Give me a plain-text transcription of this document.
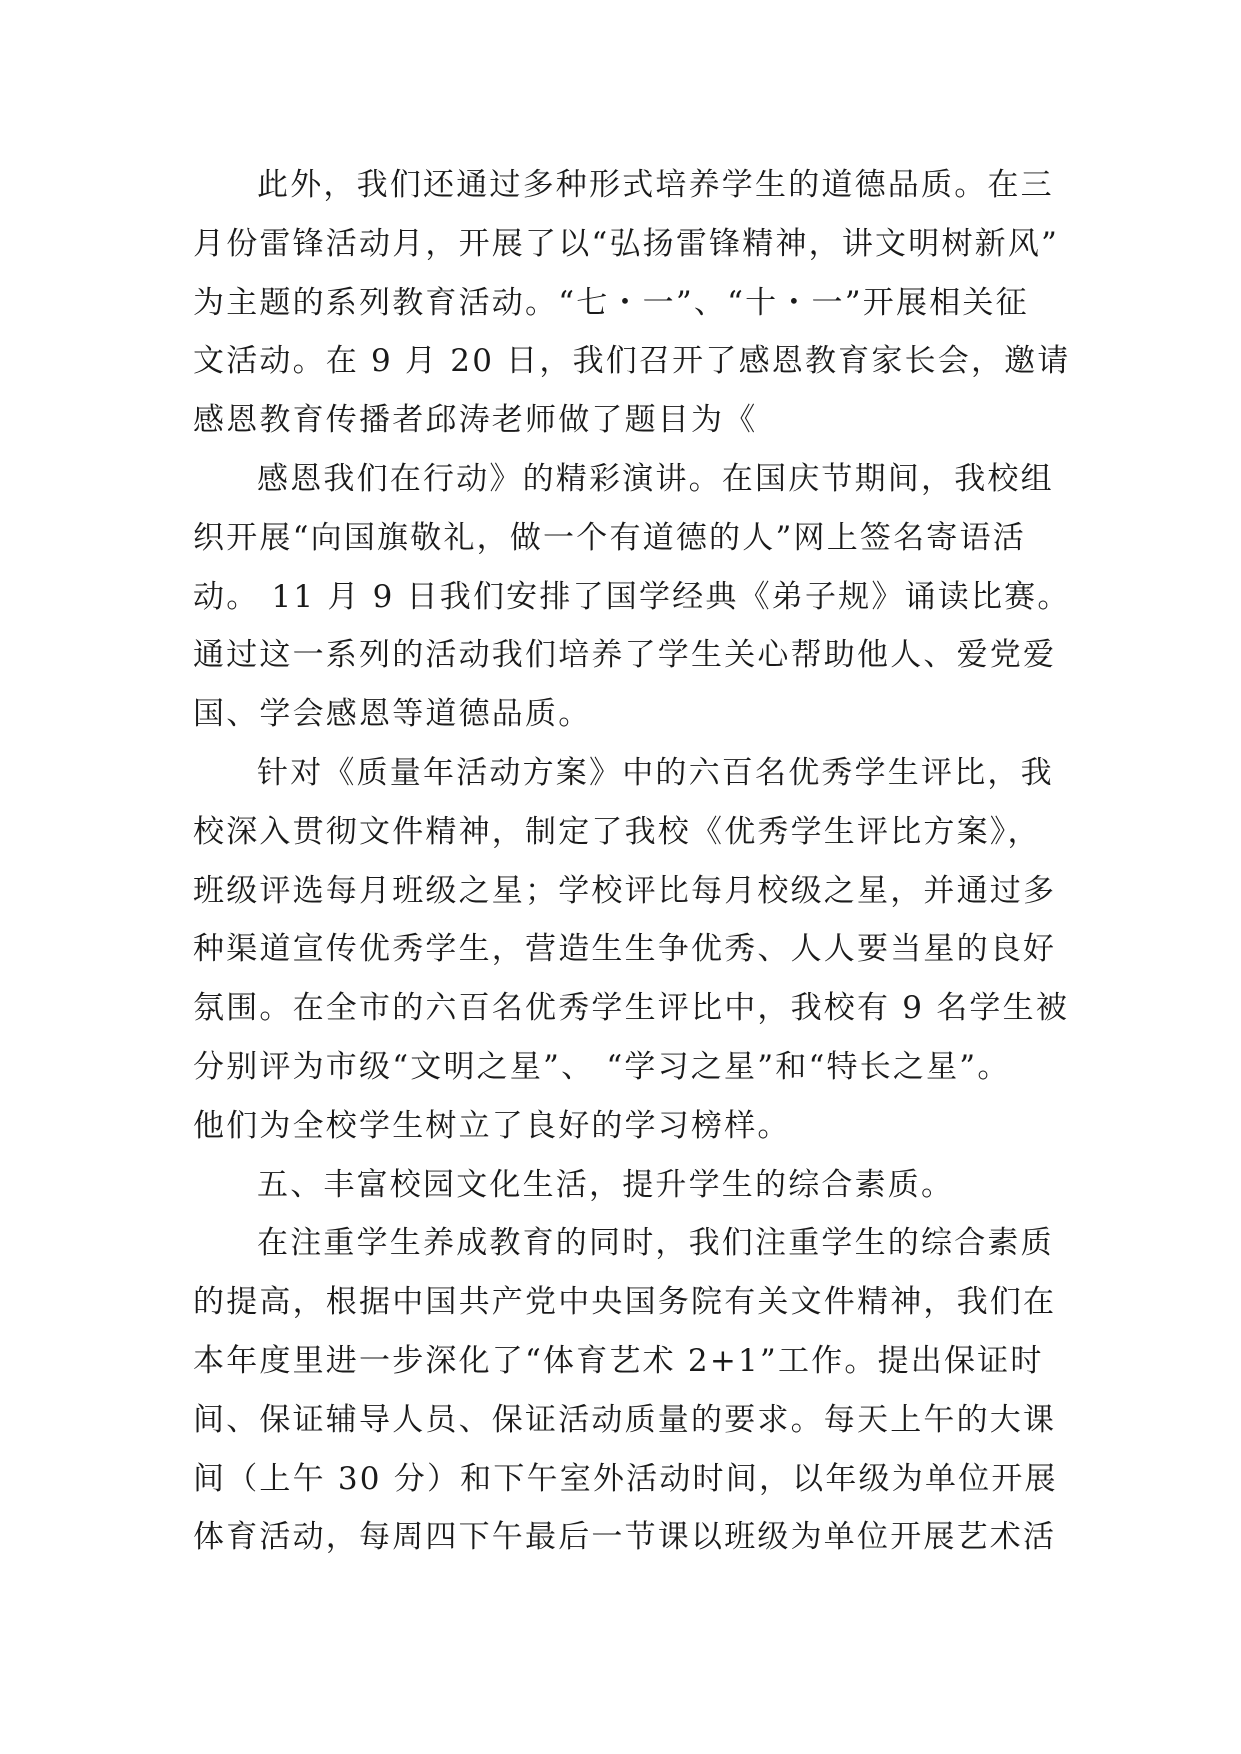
此外，我们还通过多种形式培养学生的道德品质。在三
月份雷锋活动月，开展了以“弘扬雷锋精神，讲文明树新风”
为主题的系列教育活动。“七・一”、“十・一”开展相关征
文活动。在 9 月 20 日，我们召开了感恩教育家长会，邀请
感恩教育传播者邱涛老师做了题目为《
感恩我们在行动》的精彩演讲。在国庆节期间，我校组
织开展“向国旗敬礼，做一个有道德的人”网上签名寄语活
动。 11 月 9 日我们安排了国学经典《弟子规》诵读比赛。
通过这一系列的活动我们培养了学生关心帮助他人、爱党爱
国、学会感恩等道德品质。
针对《质量年活动方案》中的六百名优秀学生评比，我
校深入贯彻文件精神，制定了我校《优秀学生评比方案》，
班级评选每月班级之星；学校评比每月校级之星，并通过多
种渠道宣传优秀学生，营造生生争优秀、人人要当星的良好
氛围。在全市的六百名优秀学生评比中，我校有 9 名学生被
分别评为市级“文明之星”、 “学习之星”和“特长之星”。
他们为全校学生树立了良好的学习榜样。
五、丰富校园文化生活，提升学生的综合素质。
在注重学生养成教育的同时，我们注重学生的综合素质
的提高，根据中国共产党中央国务院有关文件精神，我们在
本年度里进一步深化了“体育艺术 2+1”工作。提出保证时
间、保证辅导人员、保证活动质量的要求。每天上午的大课
间（上午 30 分）和下午室外活动时间，以年级为单位开展
体育活动，每周四下午最后一节课以班级为单位开展艺术活
